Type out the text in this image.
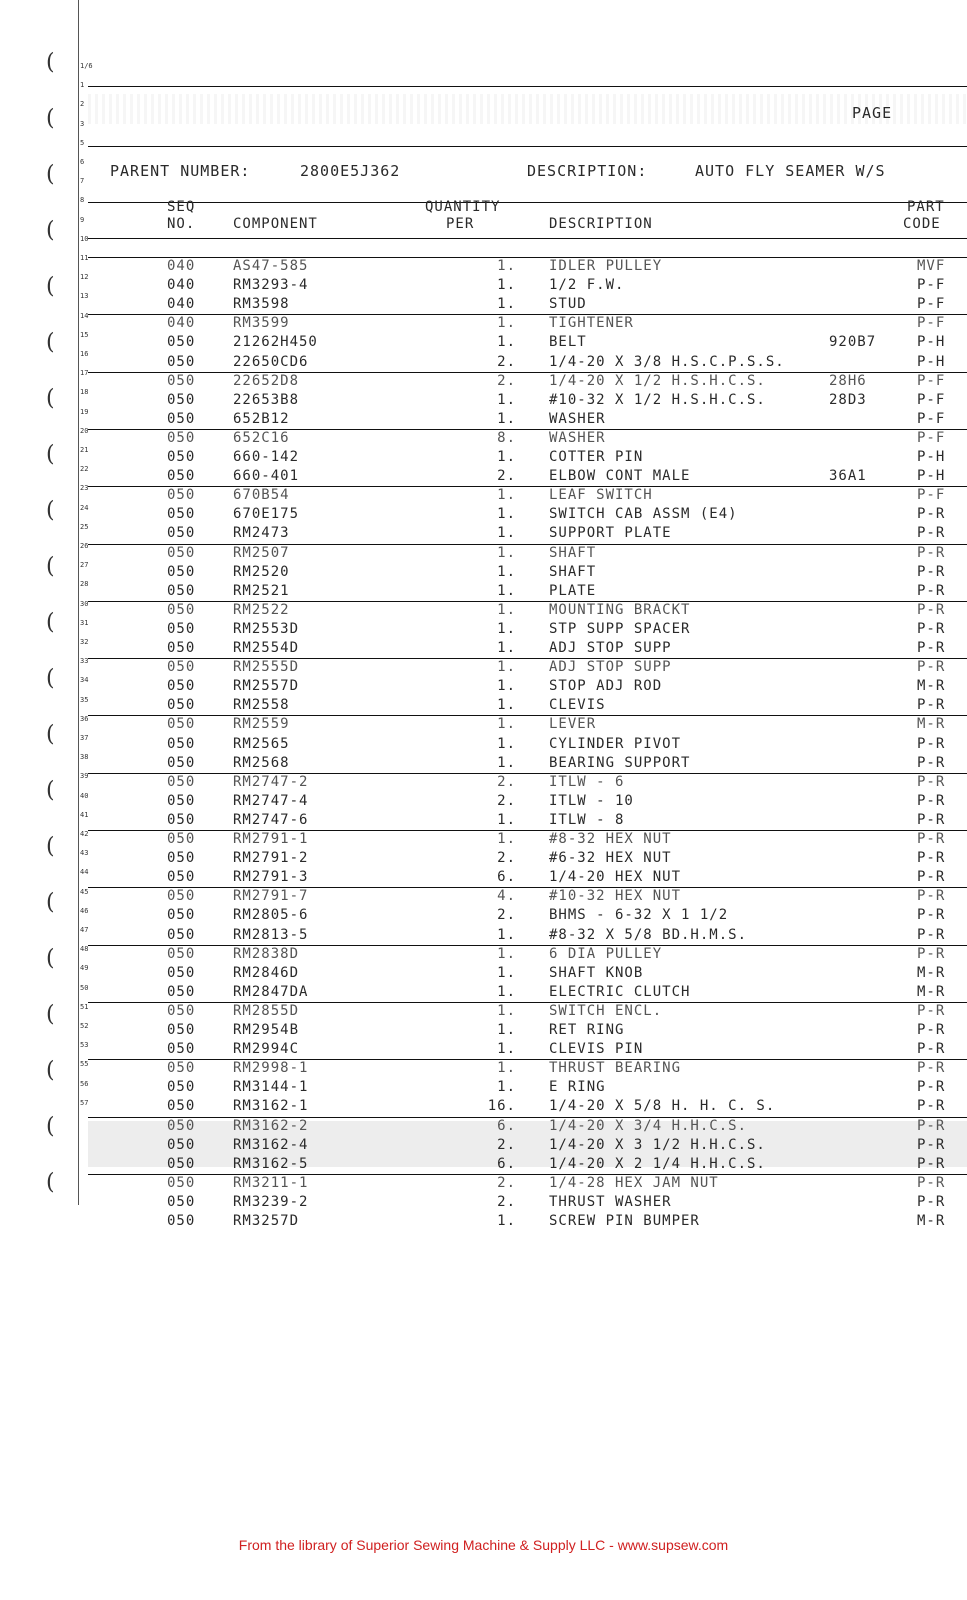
(
(
(
(
(
(
(
(
(
(
(
(
(
(
(
(
(
(
(
(
(
1/6
1
2
3
5
6
7
8
9
10
11
12
13
14
15
16
17
18
19
20
21
22
23
24
25
26
27
28
30
31
32
33
34
35
36
37
38
39
40
41
42
43
44
45
46
47
48
49
50
51
52
53
55
56
57
PAGE
PARENT NUMBER:	2800E5J362	DESCRIPTION:	AUTO FLY SEAMER W/S
SEQ
NO.	COMPONENT
QUANTITY
PER	DESCRIPTION
PART
CODE
040	AS47-585	1. IDLER PULLEY	MVF
040	RM3293-4	1. 1/2 F.W.	P-F
040	RM3598	1. STUD	P-F
040	RM3599	1. TIGHTENER	P-F
050	21262H450	1. BELT	920B7	P-H
050	22650CD6	2. 1/4-20 X 3/8 H.S.C.P.S.S.	P-H
050	22652D8	2. 1/4-20 X 1/2 H.S.H.C.S.	28H6	P-F
050	22653B8	1. #10-32 X 1/2 H.S.H.C.S.	28D3	P-F
050	652B12	1. WASHER	P-F
050	652C16	8. WASHER	P-F
050	660-142	1. COTTER PIN	P-H
050	660-401	2. ELBOW CONT MALE	36A1	P-H
050	670B54	1. LEAF SWITCH	P-F
050	670E175	1. SWITCH CAB ASSM (E4)	P-R
050	RM2473	1. SUPPORT PLATE	P-R
050	RM2507	1. SHAFT	P-R
050	RM2520	1. SHAFT	P-R
050	RM2521	1. PLATE	P-R
050	RM2522	1. MOUNTING BRACKT	P-R
050	RM2553D	1. STP SUPP SPACER	P-R
050	RM2554D	1. ADJ STOP SUPP	P-R
050	RM2555D	1. ADJ STOP SUPP	P-R
050	RM2557D	1. STOP ADJ ROD	M-R
050	RM2558	1. CLEVIS	P-R
050	RM2559	1. LEVER	M-R
050	RM2565	1. CYLINDER PIVOT	P-R
050	RM2568	1. BEARING SUPPORT	P-R
050	RM2747-2	2. ITLW - 6	P-R
050	RM2747-4	2. ITLW - 10	P-R
050	RM2747-6	1. ITLW - 8	P-R
050	RM2791-1	1. #8-32 HEX NUT	P-R
050	RM2791-2	2. #6-32 HEX NUT	P-R
050	RM2791-3	6. 1/4-20 HEX NUT	P-R
050	RM2791-7	4. #10-32 HEX NUT	P-R
050	RM2805-6	2. BHMS - 6-32 X 1 1/2	P-R
050	RM2813-5	1. #8-32 X 5/8 BD.H.M.S.	P-R
050	RM2838D	1. 6 DIA PULLEY	P-R
050	RM2846D	1. SHAFT KNOB	M-R
050	RM2847DA	1. ELECTRIC CLUTCH	M-R
050	RM2855D	1. SWITCH ENCL.	P-R
050	RM2954B	1. RET RING	P-R
050	RM2994C	1. CLEVIS PIN	P-R
050	RM2998-1	1. THRUST BEARING	P-R
050	RM3144-1	1. E RING	P-R
050	RM3162-1	16. 1/4-20 X 5/8 H. H. C. S.	P-R
050	RM3162-2	6. 1/4-20 X 3/4 H.H.C.S.	P-R
050	RM3162-4	2. 1/4-20 X 3 1/2 H.H.C.S.	P-R
050	RM3162-5	6. 1/4-20 X 2 1/4 H.H.C.S.	P-R
050	RM3211-1	2. 1/4-28 HEX JAM NUT	P-R
050	RM3239-2	2. THRUST WASHER	P-R
050	RM3257D	1. SCREW PIN BUMPER	M-R
From the library of Superior Sewing Machine & Supply LLC - www.supsew.com
